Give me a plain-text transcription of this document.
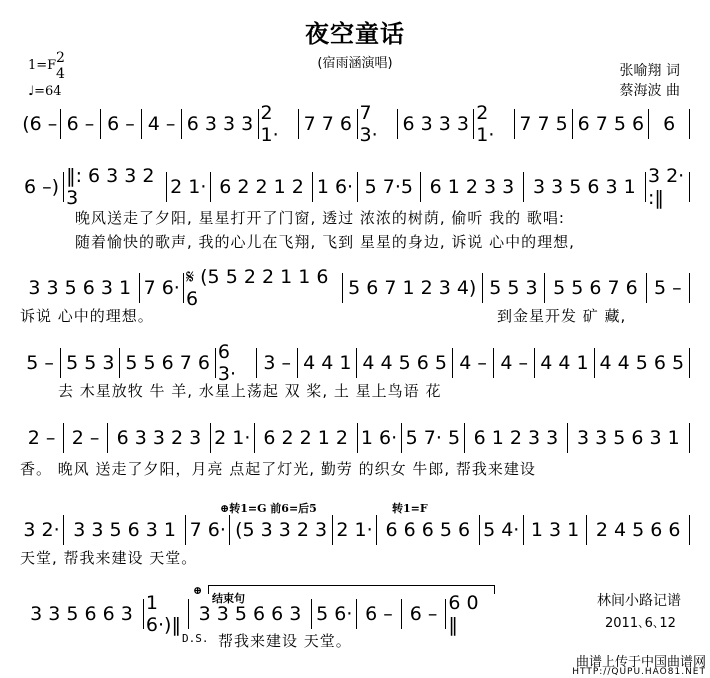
夜空童话
(宿雨涵演唱)	张喻翔 词
蔡海波 曲
1=F 2
4
♩=64
(6 – 6 – 6 – 4 – 6 3 3 3 2 1·	7 7 6 7 3·	6 3 3 3 2 1·	7 7 5 6 7 5 6	6
6 –) ‖: 6 3 3 2 3	2 1· 6 2 2 1 2 1 6· 5 7·5 6 1 2 3 3 3 3 5 6 3 1 3 2· :‖
3 3 5 6 3 1 7 6· 𝄋 (5 5 2 2 1 1 6 6	5 6 7 1 2 3 4) 5 5 3 5 5 6 7 6 5 –
5 – 5 5 3 5 5 6 7 6 6 3·	3 – 4 4 1 4 4 5 6 5 4 – 4 – 4 4 1 4 4 5 6 5
2 – 2 – 6 3 3 2 3 2 1· 6 2 2 1 2 1 6· 5 7· 5 6 1 2 3 3 3 3 5 6 3 1
3 2· 3 3 5 6 3 1 7 6· (5 3 3 2 3 2 1· 6 6 6 5 6 5 4· 1 3 1 2 4 5 6 6
3 3 5 6 6 3 1 6·)‖ 3 3 5 6 6 3 5 6· 6 – 6 – 6 0 ‖
晚风送走了夕阳, 星星打开了门窗, 透过 浓浓的树荫, 偷听 我的 歌唱:
随着愉快的歌声, 我的心儿在飞翔, 飞到 星星的身边, 诉说 心中的理想,
诉说 心中的理想。	到金星开发 矿 藏,
去 木星放牧 牛 羊, 水星上荡起 双 桨, 土 星上鸟语 花
香。 晚风 送走了夕阳，月亮 点起了灯光, 勤劳 的织女 牛郎, 帮我来建设
天堂, 帮我来建设 天堂。
帮我来建设 天堂。
⊕转1=G 前6=后5	转1=F
⊕
结束句
D.S.
林间小路记谱
2011､6､12
曲谱上传于中国曲谱网
HTTP://QUPU.HAO81.NET
